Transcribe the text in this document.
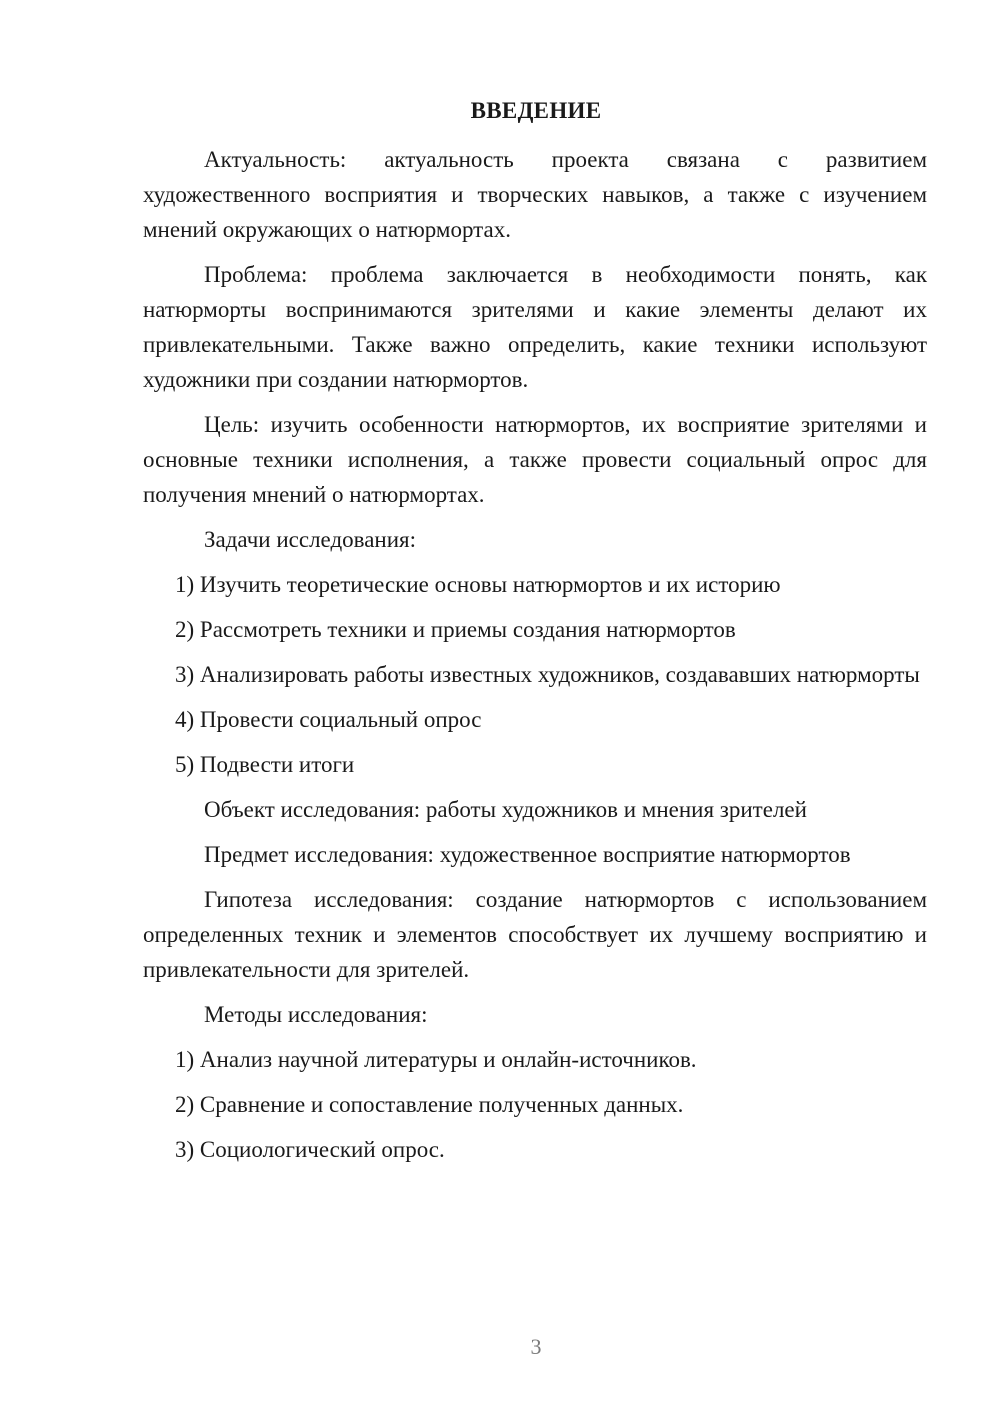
ВВЕДЕНИЕ

Актуальность: актуальность проекта связана с развитием художественного восприятия и творческих навыков, а также с изучением мнений окружающих о натюрмортах.

Проблема: проблема заключается в необходимости понять, как натюрморты воспринимаются зрителями и какие элементы делают их привлекательными. Также важно определить, какие техники используют художники при создании натюрмортов.

Цель: изучить особенности натюрмортов, их восприятие зрителями и основные техники исполнения, а также провести социальный опрос для получения мнений о натюрмортах.

Задачи исследования:

1) Изучить теоретические основы натюрмортов и их историю

2) Рассмотреть техники и приемы создания натюрмортов

3) Анализировать работы известных художников, создававших натюрморты

4) Провести социальный опрос

5) Подвести итоги

Объект исследования: работы художников и мнения зрителей

Предмет исследования: художественное восприятие натюрмортов

Гипотеза исследования: создание натюрмортов с использованием определенных техник и элементов способствует их лучшему восприятию и привлекательности для зрителей.

Методы исследования:

1) Анализ научной литературы и онлайн-источников.

2) Сравнение и сопоставление полученных данных.

3) Социологический опрос.

3
